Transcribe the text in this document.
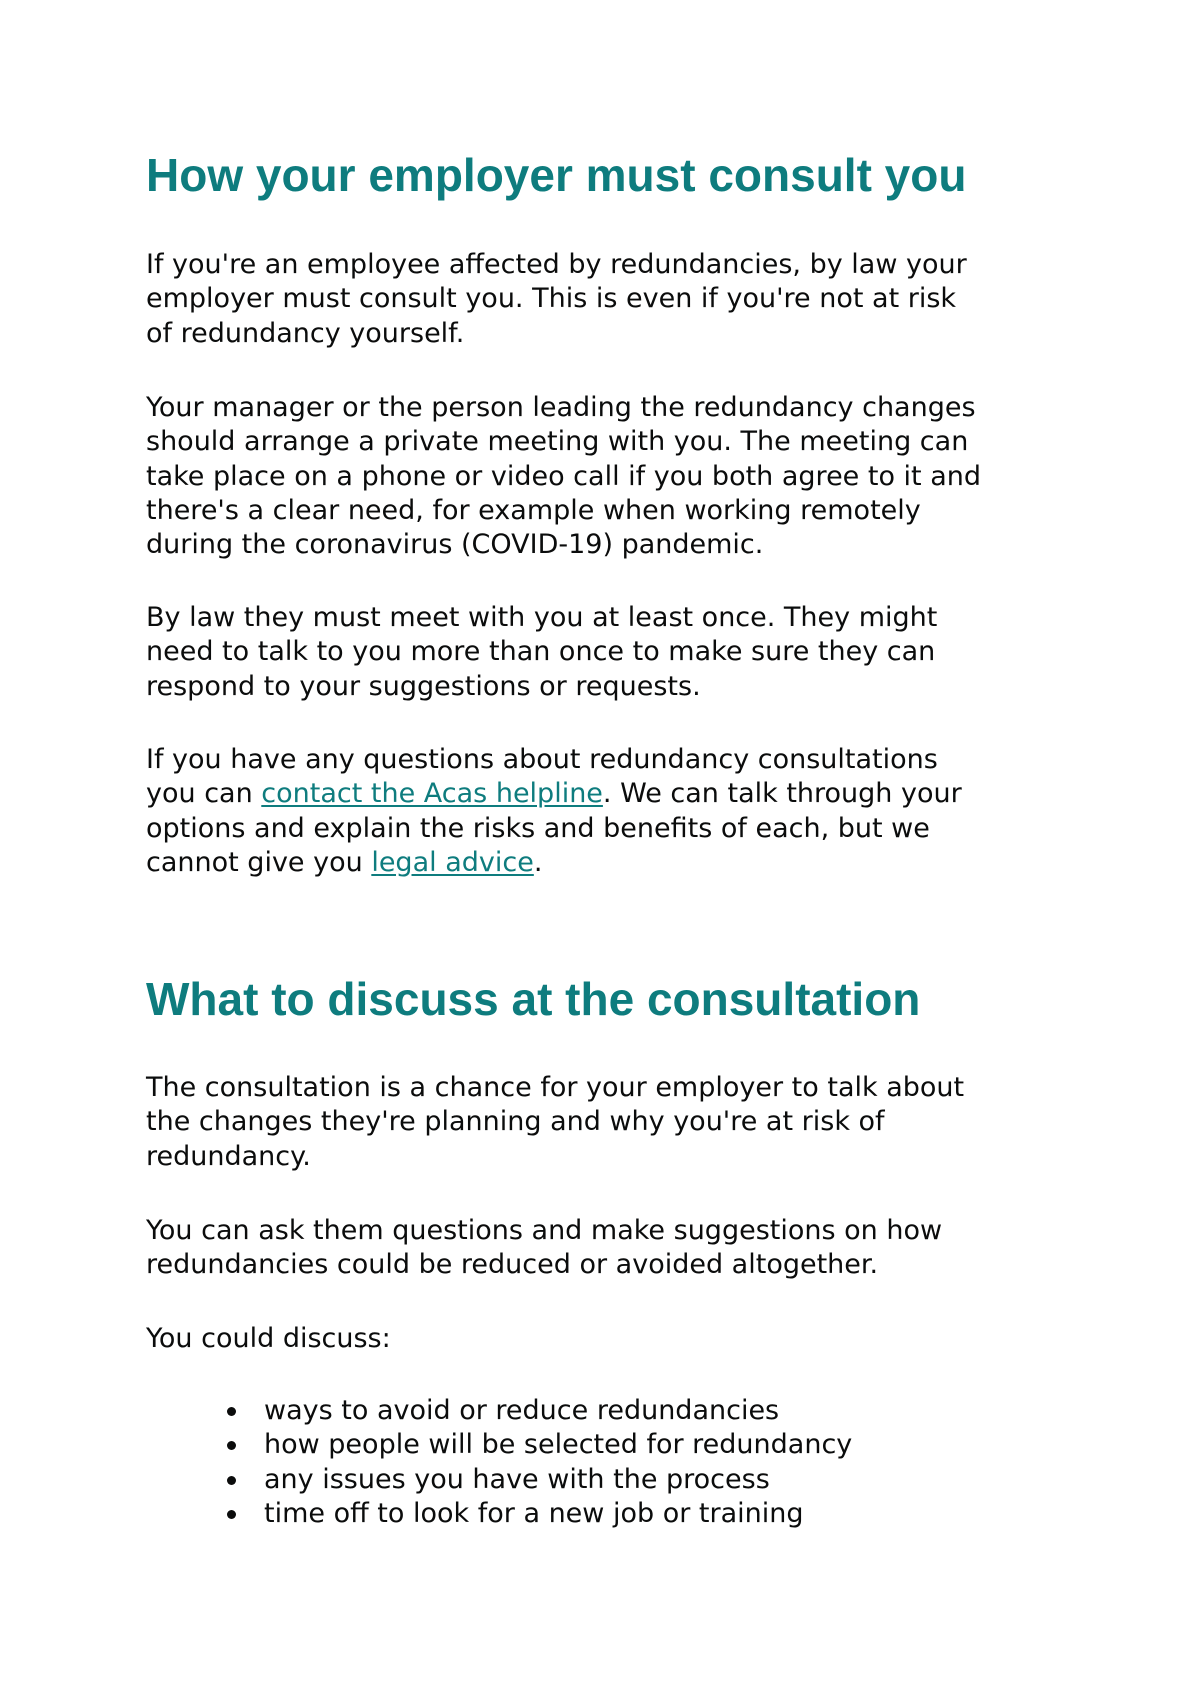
How your employer must consult you

If you're an employee affected by redundancies, by law your
employer must consult you. This is even if you're not at risk
of redundancy yourself.

Your manager or the person leading the redundancy changes
should arrange a private meeting with you. The meeting can
take place on a phone or video call if you both agree to it and
there's a clear need, for example when working remotely
during the coronavirus (COVID-19) pandemic.

By law they must meet with you at least once. They might
need to talk to you more than once to make sure they can
respond to your suggestions or requests.

If you have any questions about redundancy consultations
you can contact the Acas helpline. We can talk through your
options and explain the risks and benefits of each, but we
cannot give you legal advice.

What to discuss at the consultation

The consultation is a chance for your employer to talk about
the changes they're planning and why you're at risk of
redundancy.

You can ask them questions and make suggestions on how
redundancies could be reduced or avoided altogether.

You could discuss:

ways to avoid or reduce redundancies
how people will be selected for redundancy
any issues you have with the process
time off to look for a new job or training
